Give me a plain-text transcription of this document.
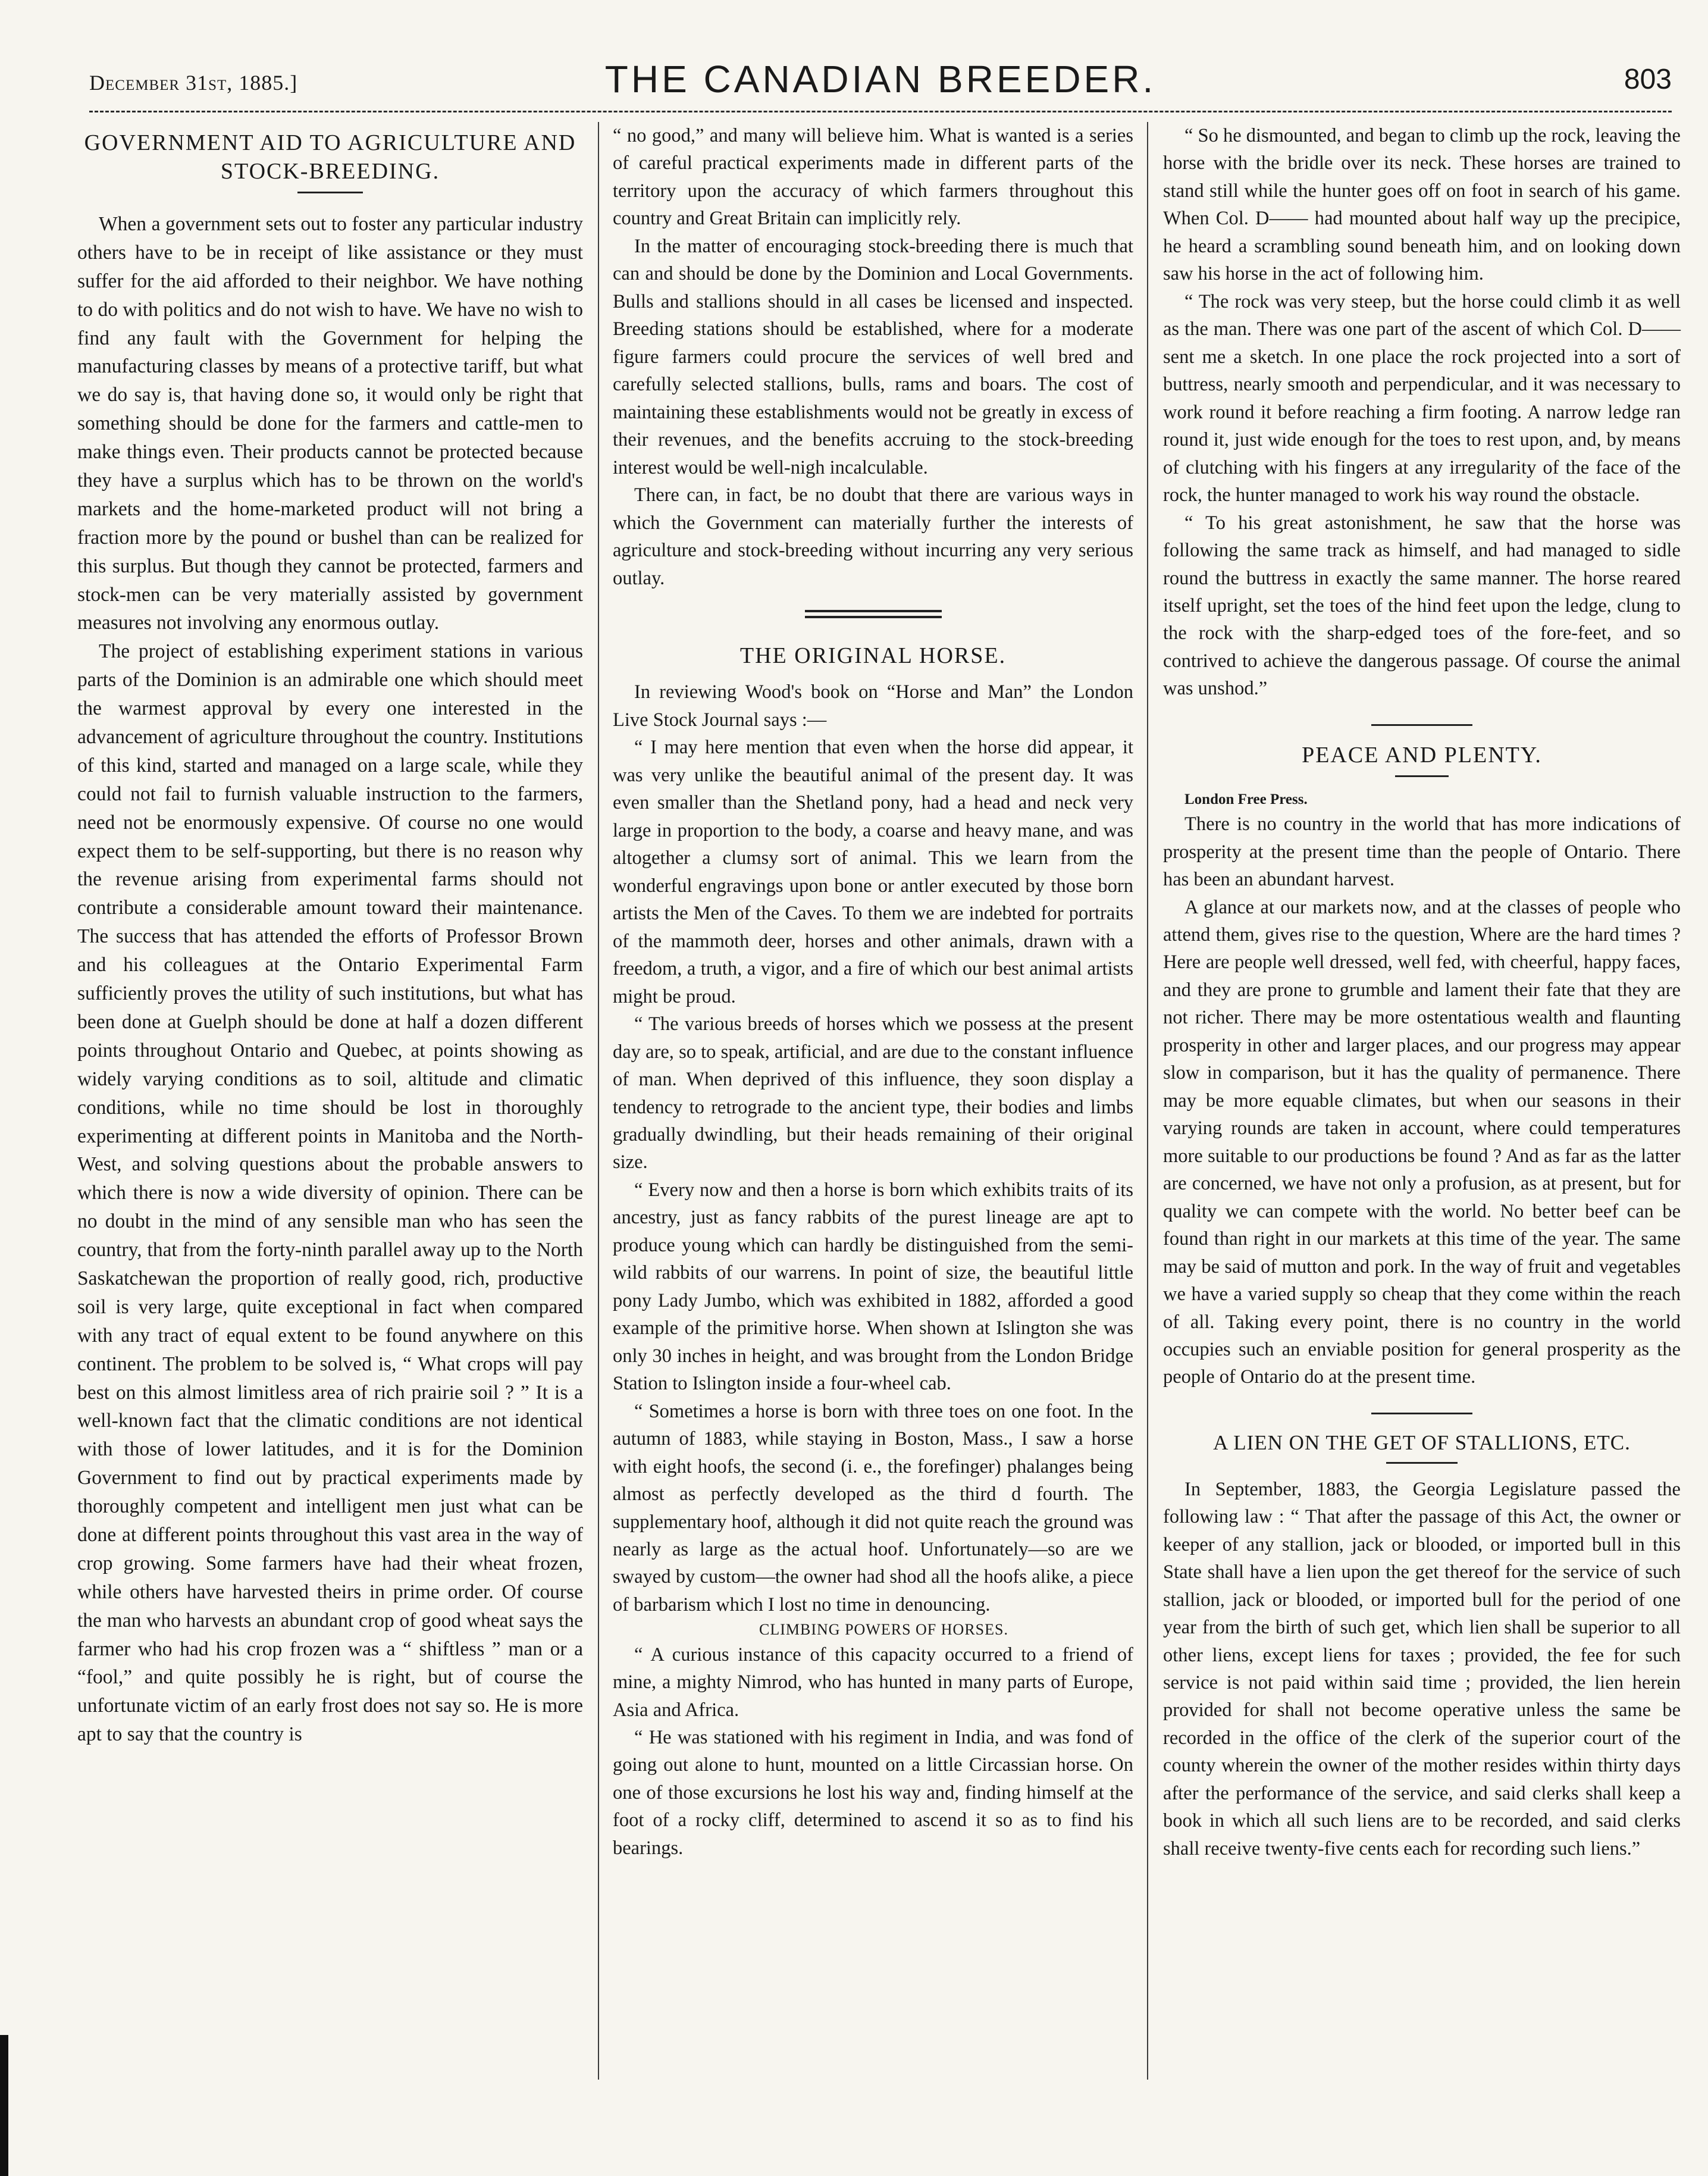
December 31st, 1885.]	THE CANADIAN BREEDER.	803
GOVERNMENT AID TO AGRICULTURE AND STOCK-BREEDING.

When a government sets out to foster any particular industry others have to be in receipt of like assistance or they must suffer for the aid afforded to their neighbor. We have nothing to do with politics and do not wish to have. We have no wish to find any fault with the Government for helping the manufacturing classes by means of a protective tariff, but what we do say is, that having done so, it would only be right that something should be done for the farmers and cattle-men to make things even. Their products cannot be protected because they have a surplus which has to be thrown on the world's markets and the home-marketed product will not bring a fraction more by the pound or bushel than can be realized for this surplus. But though they cannot be protected, farmers and stock-men can be very materially assisted by government measures not involving any enormous outlay.

The project of establishing experiment stations in various parts of the Dominion is an admirable one which should meet the warmest approval by every one interested in the advancement of agriculture throughout the country. Institutions of this kind, started and managed on a large scale, while they could not fail to furnish valuable instruction to the farmers, need not be enormously expensive. Of course no one would expect them to be self-supporting, but there is no reason why the revenue arising from experimental farms should not contribute a considerable amount toward their maintenance. The success that has attended the efforts of Professor Brown and his colleagues at the Ontario Experimental Farm sufficiently proves the utility of such institutions, but what has been done at Guelph should be done at half a dozen different points throughout Ontario and Quebec, at points showing as widely varying conditions as to soil, altitude and climatic conditions, while no time should be lost in thoroughly experimenting at different points in Manitoba and the North-West, and solving questions about the probable answers to which there is now a wide diversity of opinion. There can be no doubt in the mind of any sensible man who has seen the country, that from the forty-ninth parallel away up to the North Saskatchewan the proportion of really good, rich, productive soil is very large, quite exceptional in fact when compared with any tract of equal extent to be found anywhere on this continent. The problem to be solved is, “ What crops will pay best on this almost limitless area of rich prairie soil ? ” It is a well-known fact that the climatic conditions are not identical with those of lower latitudes, and it is for the Dominion Government to find out by practical experiments made by thoroughly competent and intelligent men just what can be done at different points throughout this vast area in the way of crop growing. Some farmers have had their wheat frozen, while others have harvested theirs in prime order. Of course the man who harvests an abundant crop of good wheat says the farmer who had his crop frozen was a “ shiftless ” man or a “fool,” and quite possibly he is right, but of course the unfortunate victim of an early frost does not say so. He is more apt to say that the country is

“ no good,” and many will believe him. What is wanted is a series of careful practical experiments made in different parts of the territory upon the accuracy of which farmers throughout this country and Great Britain can implicitly rely.

In the matter of encouraging stock-breeding there is much that can and should be done by the Dominion and Local Governments. Bulls and stallions should in all cases be licensed and inspected. Breeding stations should be established, where for a moderate figure farmers could procure the services of well bred and carefully selected stallions, bulls, rams and boars. The cost of maintaining these establishments would not be greatly in excess of their revenues, and the benefits accruing to the stock-breeding interest would be well-nigh incalculable.

There can, in fact, be no doubt that there are various ways in which the Government can materially further the interests of agriculture and stock-breeding without incurring any very serious outlay.

THE ORIGINAL HORSE.

In reviewing Wood's book on “Horse and Man” the London Live Stock Journal says :—

“ I may here mention that even when the horse did appear, it was very unlike the beautiful animal of the present day. It was even smaller than the Shetland pony, had a head and neck very large in proportion to the body, a coarse and heavy mane, and was altogether a clumsy sort of animal. This we learn from the wonderful engravings upon bone or antler executed by those born artists the Men of the Caves. To them we are indebted for portraits of the mammoth deer, horses and other animals, drawn with a freedom, a truth, a vigor, and a fire of which our best animal artists might be proud.

“ The various breeds of horses which we possess at the present day are, so to speak, artificial, and are due to the constant influence of man. When deprived of this influence, they soon display a tendency to retrograde to the ancient type, their bodies and limbs gradually dwindling, but their heads remaining of their original size.

“ Every now and then a horse is born which exhibits traits of its ancestry, just as fancy rabbits of the purest lineage are apt to produce young which can hardly be distinguished from the semi-wild rabbits of our warrens. In point of size, the beautiful little pony Lady Jumbo, which was exhibited in 1882, afforded a good example of the primitive horse. When shown at Islington she was only 30 inches in height, and was brought from the London Bridge Station to Islington inside a four-wheel cab.

“ Sometimes a horse is born with three toes on one foot. In the autumn of 1883, while staying in Boston, Mass., I saw a horse with eight hoofs, the second (i. e., the forefinger) phalanges being almost as perfectly developed as the third d fourth. The supplementary hoof, although it did not quite reach the ground was nearly as large as the actual hoof. Unfortunately—so are we swayed by custom—the owner had shod all the hoofs alike, a piece of barbarism which I lost no time in denouncing.

CLIMBING POWERS OF HORSES.

“ A curious instance of this capacity occurred to a friend of mine, a mighty Nimrod, who has hunted in many parts of Europe, Asia and Africa.

“ He was stationed with his regiment in India, and was fond of going out alone to hunt, mounted on a little Circassian horse. On one of those excursions he lost his way and, finding himself at the foot of a rocky cliff, determined to ascend it so as to find his bearings.

“ So he dismounted, and began to climb up the rock, leaving the horse with the bridle over its neck. These horses are trained to stand still while the hunter goes off on foot in search of his game. When Col. D—— had mounted about half way up the precipice, he heard a scrambling sound beneath him, and on looking down saw his horse in the act of following him.

“ The rock was very steep, but the horse could climb it as well as the man. There was one part of the ascent of which Col. D——sent me a sketch. In one place the rock projected into a sort of buttress, nearly smooth and perpendicular, and it was necessary to work round it before reaching a firm footing. A narrow ledge ran round it, just wide enough for the toes to rest upon, and, by means of clutching with his fingers at any irregularity of the face of the rock, the hunter managed to work his way round the obstacle.

“ To his great astonishment, he saw that the horse was following the same track as himself, and had managed to sidle round the buttress in exactly the same manner. The horse reared itself upright, set the toes of the hind feet upon the ledge, clung to the rock with the sharp-edged toes of the fore-feet, and so contrived to achieve the dangerous passage. Of course the animal was unshod.”

PEACE AND PLENTY.

London Free Press.

There is no country in the world that has more indications of prosperity at the present time than the people of Ontario. There has been an abundant harvest.

A glance at our markets now, and at the classes of people who attend them, gives rise to the question, Where are the hard times ? Here are people well dressed, well fed, with cheerful, happy faces, and they are prone to grumble and lament their fate that they are not richer. There may be more ostentatious wealth and flaunting prosperity in other and larger places, and our progress may appear slow in comparison, but it has the quality of permanence. There may be more equable climates, but when our seasons in their varying rounds are taken in account, where could temperatures more suitable to our productions be found ? And as far as the latter are concerned, we have not only a profusion, as at present, but for quality we can compete with the world. No better beef can be found than right in our markets at this time of the year. The same may be said of mutton and pork. In the way of fruit and vegetables we have a varied supply so cheap that they come within the reach of all. Taking every point, there is no country in the world occupies such an enviable position for general prosperity as the people of Ontario do at the present time.

A LIEN ON THE GET OF STALLIONS, ETC.

In September, 1883, the Georgia Legislature passed the following law : “ That after the passage of this Act, the owner or keeper of any stallion, jack or blooded, or imported bull in this State shall have a lien upon the get thereof for the service of such stallion, jack or blooded, or imported bull for the period of one year from the birth of such get, which lien shall be superior to all other liens, except liens for taxes ; provided, the fee for such service is not paid within said time ; provided, the lien herein provided for shall not become operative unless the same be recorded in the office of the clerk of the superior court of the county wherein the owner of the mother resides within thirty days after the performance of the service, and said clerks shall keep a book in which all such liens are to be recorded, and said clerks shall receive twenty-five cents each for recording such liens.”
